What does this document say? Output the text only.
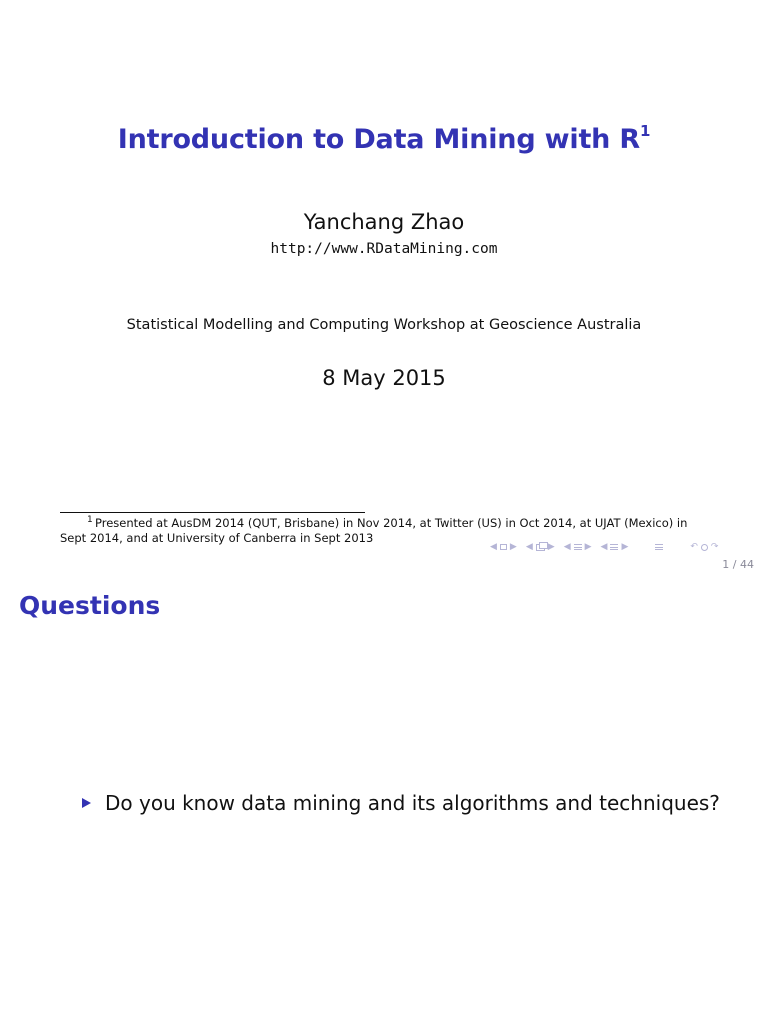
Introduction to Data Mining with $R^1$
Yanchang Zhao
http://www.RDataMining.com
Statistical Modelling and Computing Workshop at Geoscience Australia
8 May 2015
1 Presented at AusDM 2014 (QUT, Brisbane) in Nov 2014, at Twitter (US) in Oct 2014, at UJAT (Mexico) in
Sept 2014, and at University of Canberra in Sept 2013
◀ ▶ ◀ ▶ ◀ ▶ ◀ ▶	↶ ↷
1 / 44
Questions
Do you know data mining and its algorithms and techniques?
